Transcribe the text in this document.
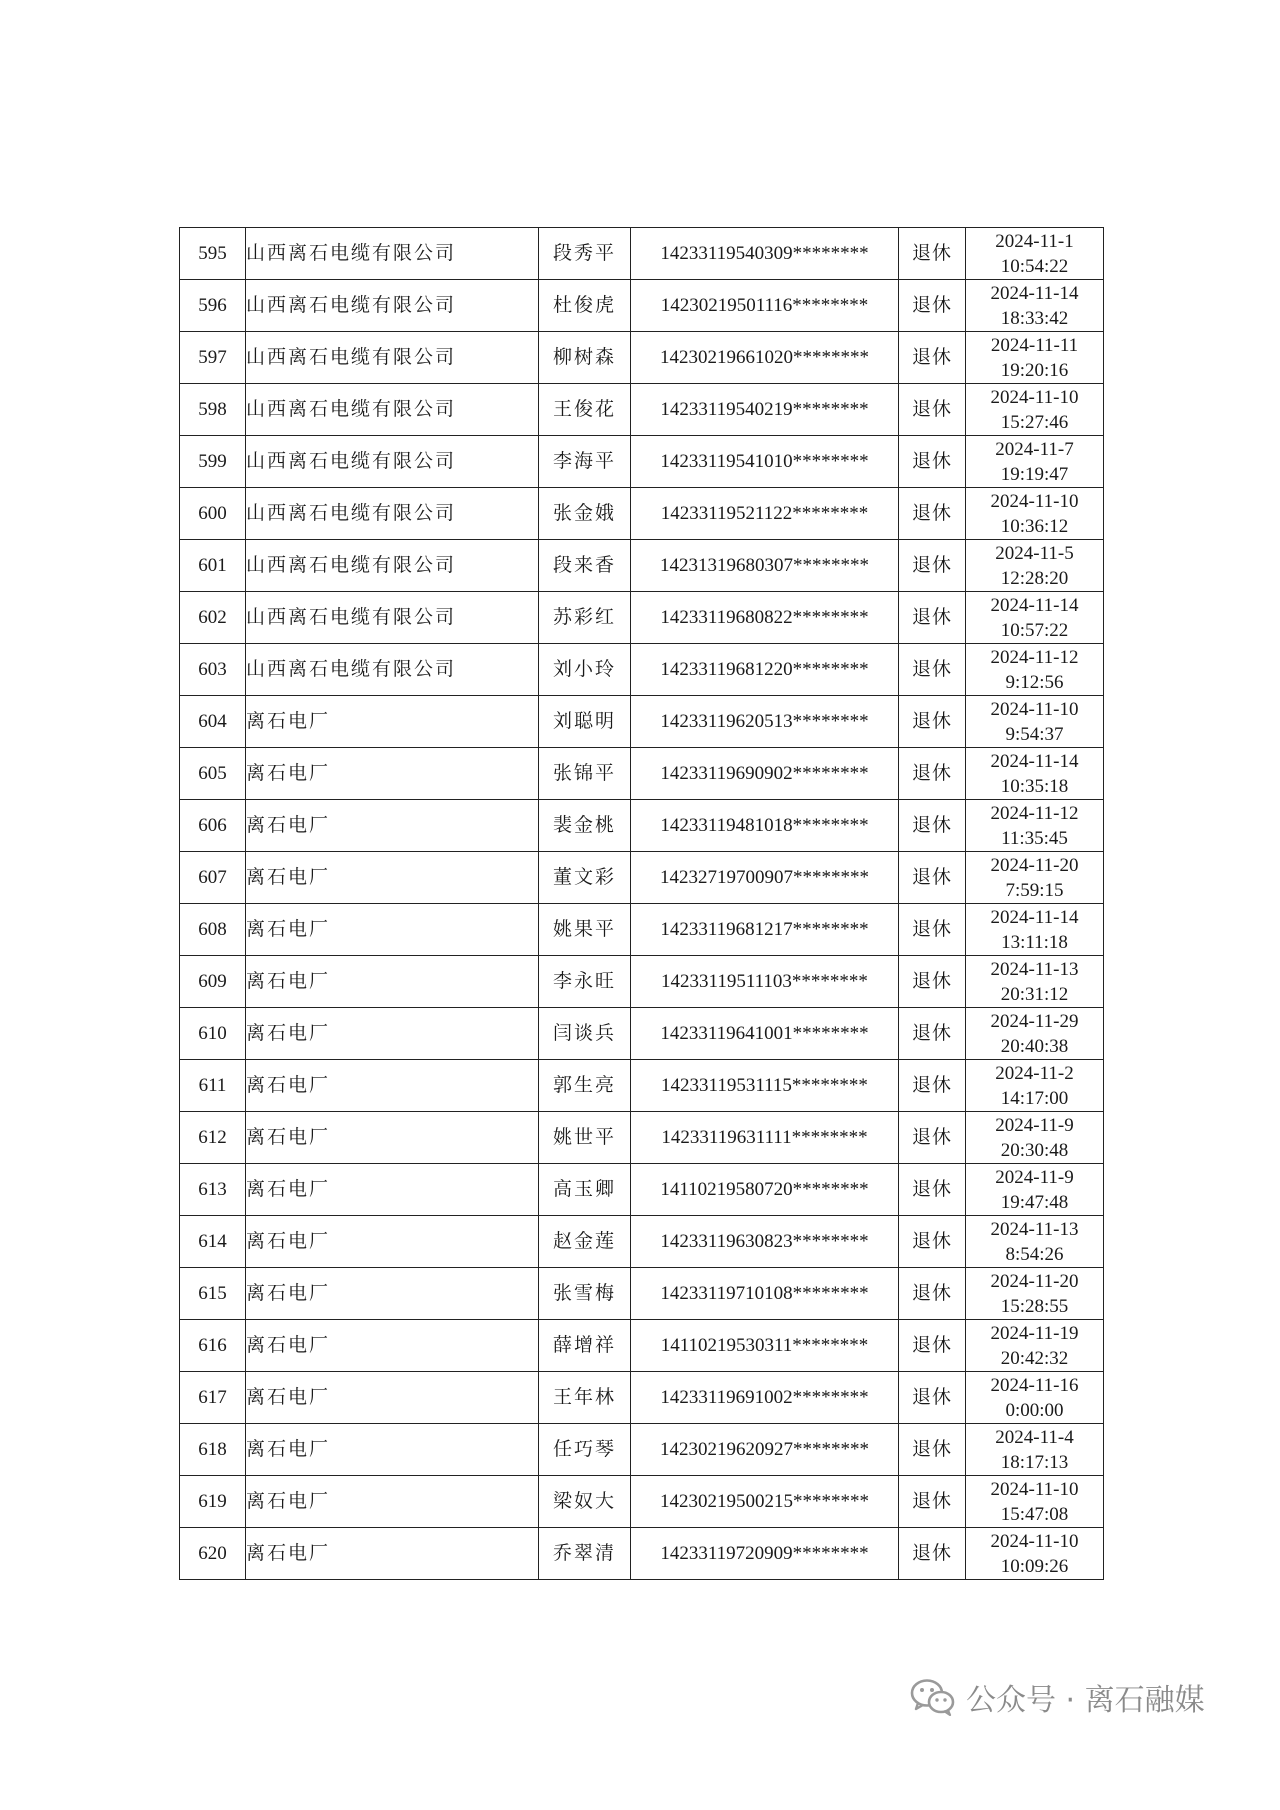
595	山西离石电缆有限公司	段秀平	14233119540309********	退休	2024-11-1
10:54:22

596	山西离石电缆有限公司	杜俊虎	14230219501116********	退休	2024-11-14
18:33:42

597	山西离石电缆有限公司	柳树森	14230219661020********	退休	2024-11-11
19:20:16

598	山西离石电缆有限公司	王俊花	14233119540219********	退休	2024-11-10
15:27:46

599	山西离石电缆有限公司	李海平	14233119541010********	退休	2024-11-7
19:19:47

600	山西离石电缆有限公司	张金娥	14233119521122********	退休	2024-11-10
10:36:12

601	山西离石电缆有限公司	段来香	14231319680307********	退休	2024-11-5
12:28:20

602	山西离石电缆有限公司	苏彩红	14233119680822********	退休	2024-11-14
10:57:22

603	山西离石电缆有限公司	刘小玲	14233119681220********	退休	2024-11-12
9:12:56

604	离石电厂	刘聪明	14233119620513********	退休	2024-11-10
9:54:37

605	离石电厂	张锦平	14233119690902********	退休	2024-11-14
10:35:18

606	离石电厂	裴金桃	14233119481018********	退休	2024-11-12
11:35:45

607	离石电厂	董文彩	14232719700907********	退休	2024-11-20
7:59:15

608	离石电厂	姚果平	14233119681217********	退休	2024-11-14
13:11:18

609	离石电厂	李永旺	14233119511103********	退休	2024-11-13
20:31:12

610	离石电厂	闫谈兵	14233119641001********	退休	2024-11-29
20:40:38

611	离石电厂	郭生亮	14233119531115********	退休	2024-11-2
14:17:00

612	离石电厂	姚世平	14233119631111********	退休	2024-11-9
20:30:48

613	离石电厂	高玉卿	14110219580720********	退休	2024-11-9
19:47:48

614	离石电厂	赵金莲	14233119630823********	退休	2024-11-13
8:54:26

615	离石电厂	张雪梅	14233119710108********	退休	2024-11-20
15:28:55

616	离石电厂	薛增祥	14110219530311********	退休	2024-11-19
20:42:32

617	离石电厂	王年林	14233119691002********	退休	2024-11-16
0:00:00

618	离石电厂	任巧琴	14230219620927********	退休	2024-11-4
18:17:13

619	离石电厂	梁奴大	14230219500215********	退休	2024-11-10
15:47:08

620	离石电厂	乔翠清	14233119720909********	退休	2024-11-10
10:09:26
公众号 · 离石融媒
